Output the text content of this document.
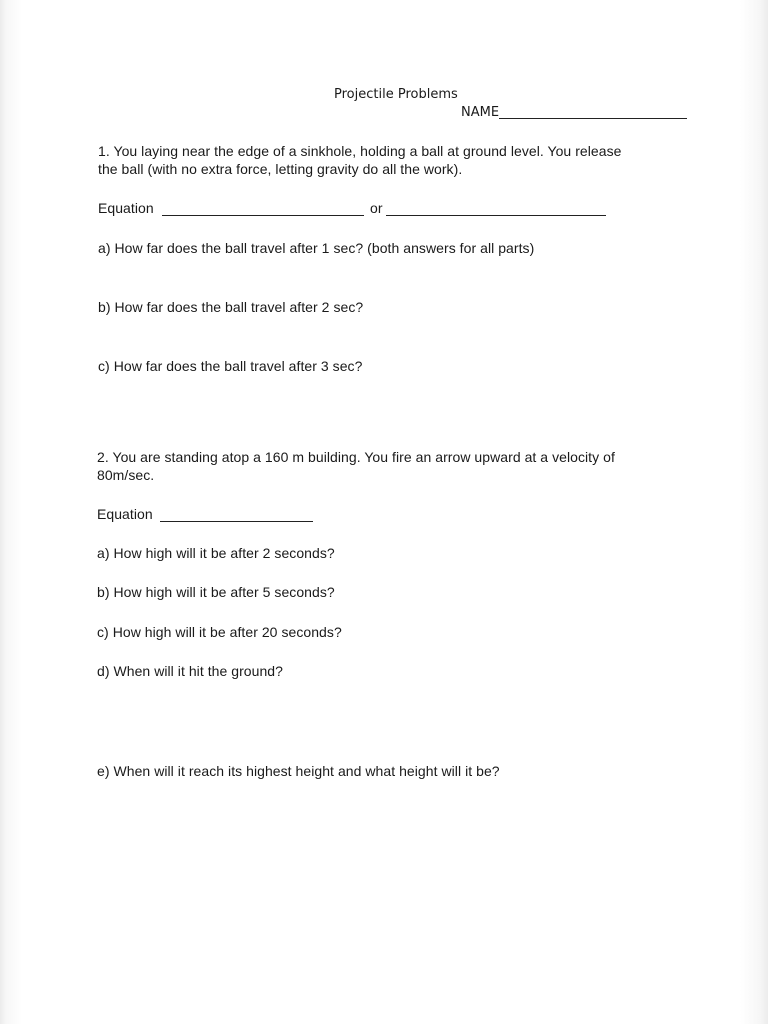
Projectile Problems
NAME
1. You laying near the edge of a sinkhole, holding a ball at ground level. You release
the ball (with no extra force, letting gravity do all the work).
Equation	or
a) How far does the ball travel after 1 sec? (both answers for all parts)
b) How far does the ball travel after 2 sec?
c) How far does the ball travel after 3 sec?
2. You are standing atop a 160 m building. You fire an arrow upward at a velocity of
80m/sec.
Equation
a) How high will it be after 2 seconds?
b) How high will it be after 5 seconds?
c) How high will it be after 20 seconds?
d) When will it hit the ground?
e) When will it reach its highest height and what height will it be?
